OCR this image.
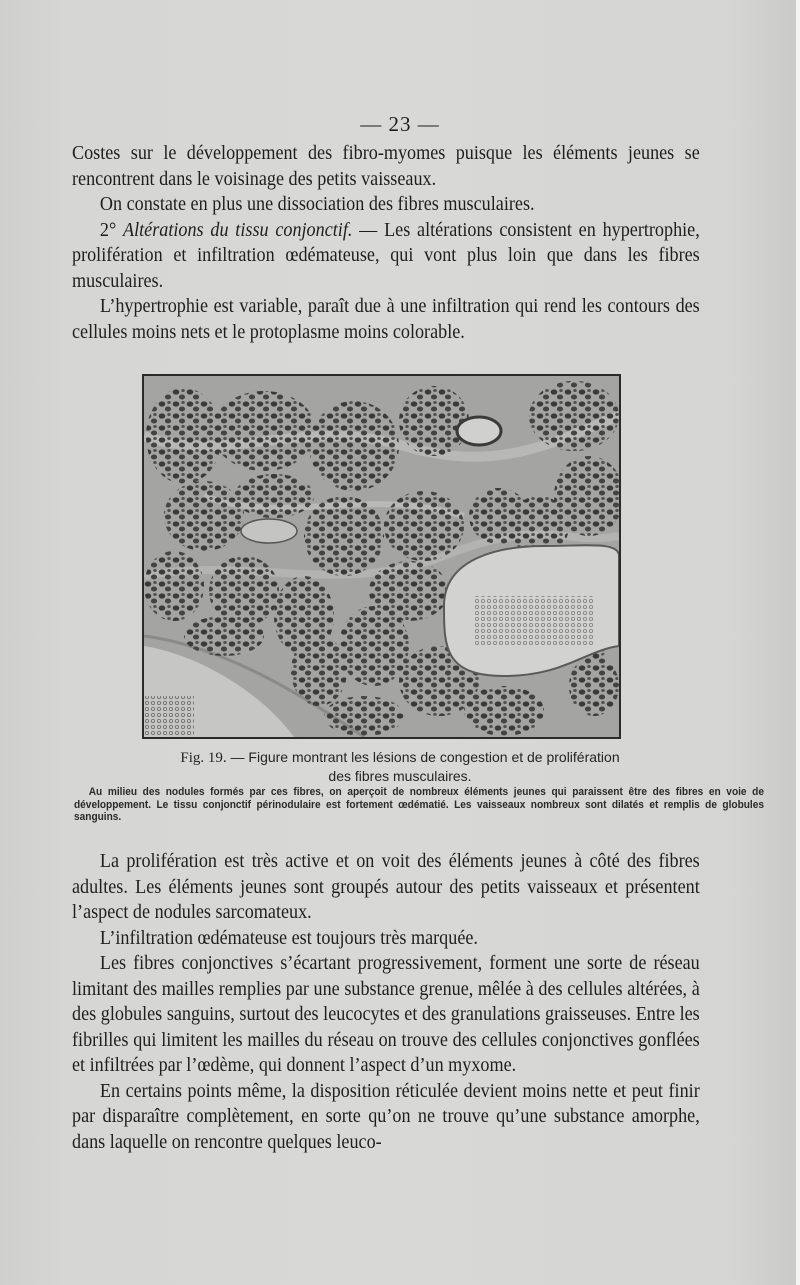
— 23 —

Costes sur le développement des fibro-myomes puisque les éléments jeunes se rencontrent dans le voisinage des petits vaisseaux.

On constate en plus une dissociation des fibres musculaires.

2° Altérations du tissu conjonctif. — Les altérations consistent en hypertrophie, prolifération et infiltration œdémateuse, qui vont plus loin que dans les fibres musculaires.

L’hypertrophie est variable, paraît due à une infiltration qui rend les contours des cellules moins nets et le protoplasme moins colorable.

Fig. 19. — Figure montrant les lésions de congestion et de prolifération
des fibres musculaires.

Au milieu des nodules formés par ces fibres, on aperçoit de nombreux éléments jeunes qui paraissent être des fibres en voie de développement. Le tissu conjonctif périnodulaire est fortement œdématié. Les vaisseaux nombreux sont dilatés et remplis de globules sanguins.

La prolifération est très active et on voit des éléments jeunes à côté des fibres adultes. Les éléments jeunes sont groupés autour des petits vaisseaux et présentent l’aspect de nodules sarcomateux.

L’infiltration œdémateuse est toujours très marquée.

Les fibres conjonctives s’écartant progressivement, forment une sorte de réseau limitant des mailles remplies par une substance grenue, mêlée à des cellules altérées, à des globules sanguins, surtout des leucocytes et des granulations graisseuses. Entre les fibrilles qui limitent les mailles du réseau on trouve des cellules conjonctives gonflées et infiltrées par l’œdème, qui donnent l’aspect d’un myxome.

En certains points même, la disposition réticulée devient moins nette et peut finir par disparaître complètement, en sorte qu’on ne trouve qu’une substance amorphe, dans laquelle on rencontre quelques leuco-
